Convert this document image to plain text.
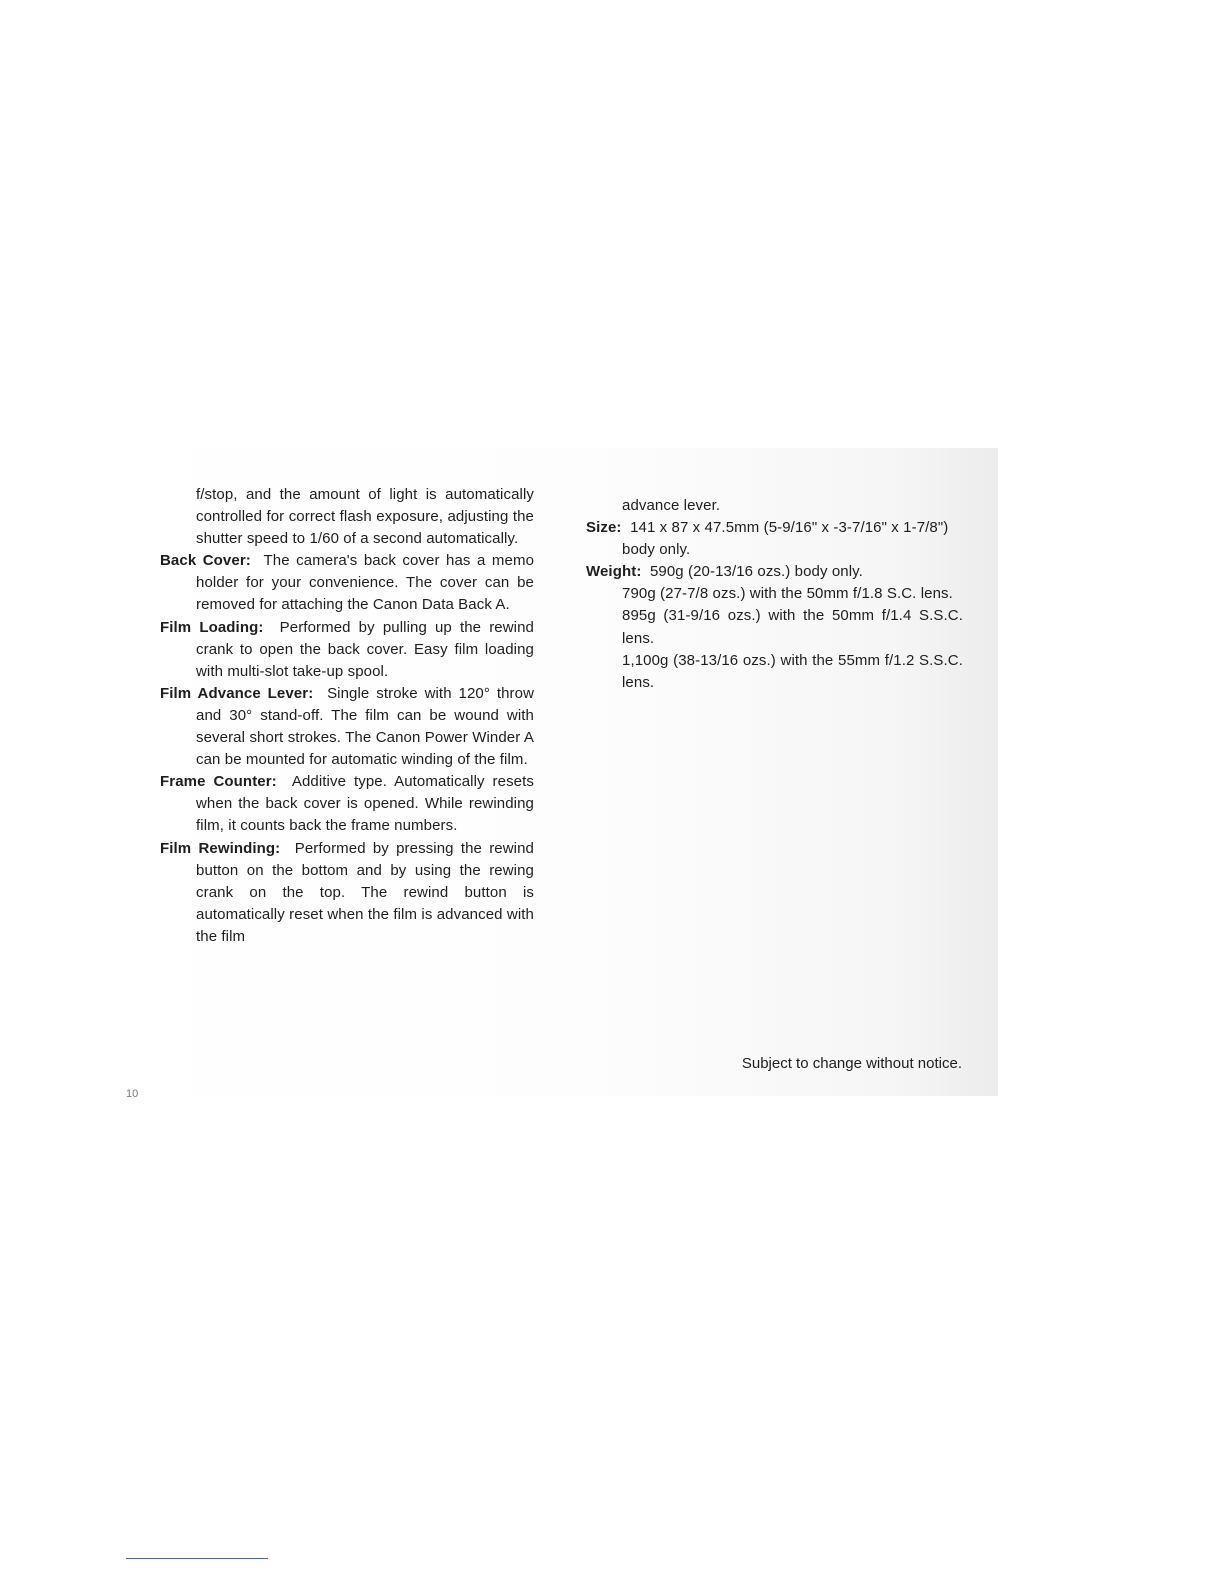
f/stop, and the amount of light is automatically controlled for correct flash exposure, adjusting the shutter speed to 1/60 of a second automatically.

Back Cover: The camera's back cover has a memo holder for your convenience. The cover can be removed for attaching the Canon Data Back A.

Film Loading: Performed by pulling up the rewind crank to open the back cover. Easy film loading with multi-slot take-up spool.

Film Advance Lever: Single stroke with 120° throw and 30° stand-off. The film can be wound with several short strokes. The Canon Power Winder A can be mounted for automatic winding of the film.

Frame Counter: Additive type. Automatically resets when the back cover is opened. While rewinding film, it counts back the frame numbers.

Film Rewinding: Performed by pressing the rewind button on the bottom and by using the rewing crank on the top. The rewind button is automatically reset when the film is advanced with the film

advance lever.

Size: 141 x 87 x 47.5mm (5-9/16" x -3-7/16" x 1-7/8") body only.

Weight: 590g (20-13/16 ozs.) body only.

790g (27-7/8 ozs.) with the 50mm f/1.8 S.C. lens.

895g (31-9/16 ozs.) with the 50mm f/1.4 S.S.C. lens.

1,100g (38-13/16 ozs.) with the 55mm f/1.2 S.S.C. lens.

Subject to change without notice.
10
